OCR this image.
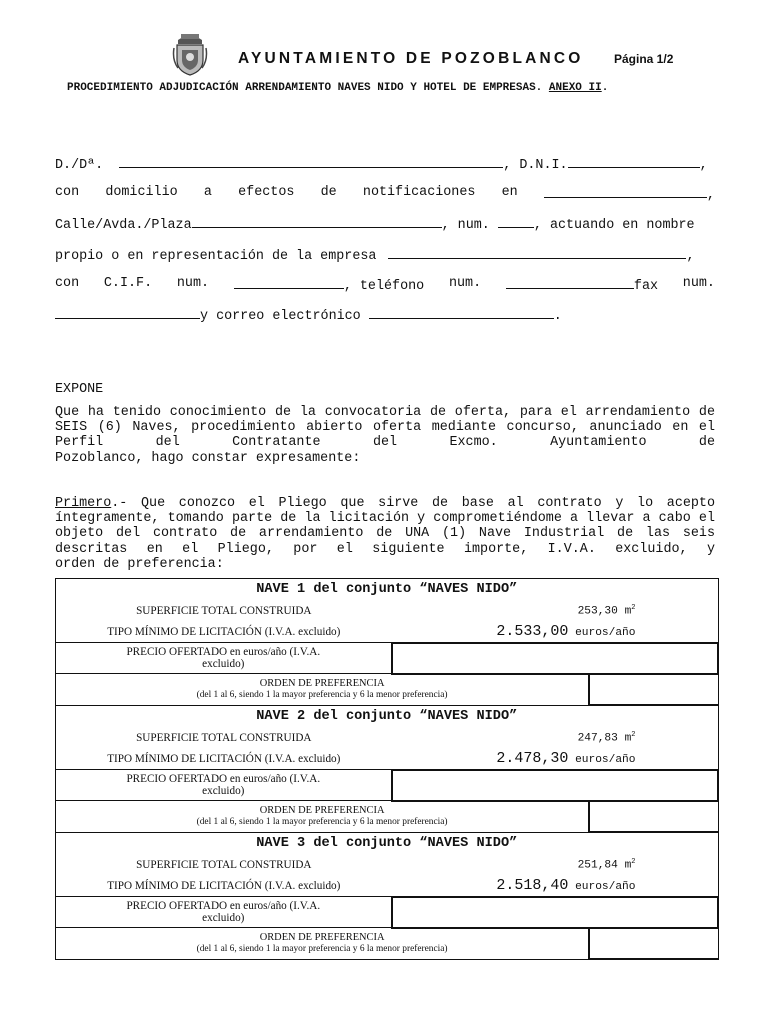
AYUNTAMIENTO DE POZOBLANCO	Página 1/2
PROCEDIMIENTO ADJUDICACIÓN ARRENDAMIENTO NAVES NIDO Y HOTEL DE EMPRESAS. ANEXO II.
D./Dª.	, D.N.I.	,
con domicilio a efectos de notificaciones en	,
Calle/Avda./Plaza	, num.	, actuando en nombre
propio o en representación de la empresa	,
con C.I.F. num.	, teléfono num.	fax num.
y correo electrónico	.
EXPONE
Que ha tenido conocimiento de la convocatoria de oferta, para el arrendamiento de SEIS (6) Naves, procedimiento abierto oferta mediante concurso, anunciado en el Perfil del Contratante del Excmo. Ayuntamiento de
Pozoblanco, hago constar expresamente:
Primero.- Que conozco el Pliego que sirve de base al contrato y lo acepto íntegramente, tomando parte de la licitación y comprometiéndome a llevar a cabo el objeto del contrato de arrendamiento de UNA (1) Nave Industrial de las seis descritas en el Pliego, por el siguiente importe, I.V.A. excluido, y
orden de preferencia:
NAVE 1 del conjunto “NAVES NIDO”		
SUPERFICIE TOTAL CONSTRUIDA	253,30 $m^2$
TIPO MÍNIMO DE LICITACIÓN (I.V.A. excluido)	2.533,00 euros/año	
PRECIO OFERTADO en euros/año (I.V.A.
excluido)		
ORDEN DE PREFERENCIA
(del 1 al 6, siendo 1 la mayor preferencia y 6 la menor preferencia)		
NAVE 2 del conjunto “NAVES NIDO”		
SUPERFICIE TOTAL CONSTRUIDA	247,83 $m^2$
TIPO MÍNIMO DE LICITACIÓN (I.V.A. excluido)	2.478,30 euros/año	
PRECIO OFERTADO en euros/año (I.V.A.
excluido)		
ORDEN DE PREFERENCIA
(del 1 al 6, siendo 1 la mayor preferencia y 6 la menor preferencia)		
NAVE 3 del conjunto “NAVES NIDO”		
SUPERFICIE TOTAL CONSTRUIDA	251,84 $m^2$
TIPO MÍNIMO DE LICITACIÓN (I.V.A. excluido)	2.518,40 euros/año	
PRECIO OFERTADO en euros/año (I.V.A.
excluido)		
ORDEN DE PREFERENCIA
(del 1 al 6, siendo 1 la mayor preferencia y 6 la menor preferencia)		
